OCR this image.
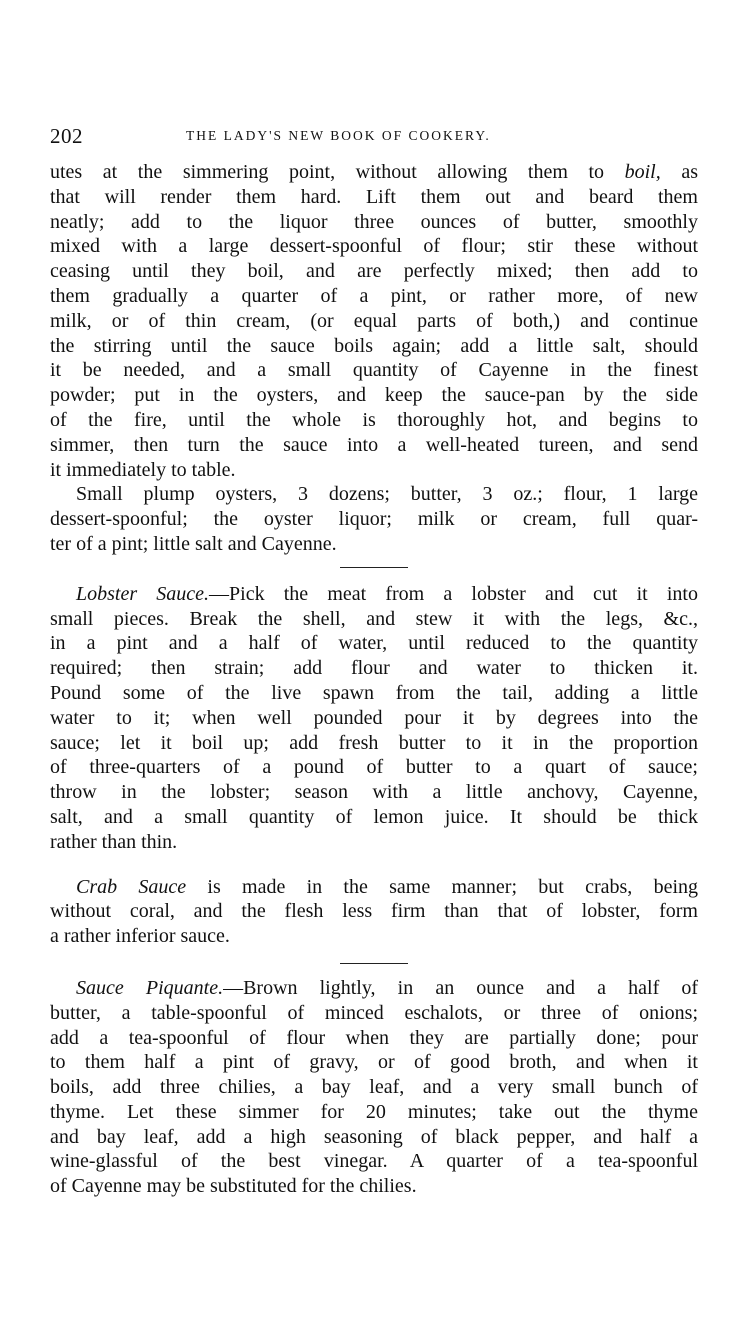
202	THE LADY'S NEW BOOK OF COOKERY.
utes at the simmering point, without allowing them to boil, as
that will render them hard. Lift them out and beard them
neatly; add to the liquor three ounces of butter, smoothly
mixed with a large dessert-spoonful of flour; stir these without
ceasing until they boil, and are perfectly mixed; then add to
them gradually a quarter of a pint, or rather more, of new
milk, or of thin cream, (or equal parts of both,) and continue
the stirring until the sauce boils again; add a little salt, should
it be needed, and a small quantity of Cayenne in the finest
powder; put in the oysters, and keep the sauce-pan by the side
of the fire, until the whole is thoroughly hot, and begins to
simmer, then turn the sauce into a well-heated tureen, and send
it immediately to table.
Small plump oysters, 3 dozens; butter, 3 oz.; flour, 1 large
dessert-spoonful; the oyster liquor; milk or cream, full quar-
ter of a pint; little salt and Cayenne.
Lobster Sauce.—Pick the meat from a lobster and cut it into
small pieces. Break the shell, and stew it with the legs, &c.,
in a pint and a half of water, until reduced to the quantity
required; then strain; add flour and water to thicken it.
Pound some of the live spawn from the tail, adding a little
water to it; when well pounded pour it by degrees into the
sauce; let it boil up; add fresh butter to it in the proportion
of three-quarters of a pound of butter to a quart of sauce;
throw in the lobster; season with a little anchovy, Cayenne,
salt, and a small quantity of lemon juice. It should be thick
rather than thin.
Crab Sauce is made in the same manner; but crabs, being
without coral, and the flesh less firm than that of lobster, form
a rather inferior sauce.
Sauce Piquante.—Brown lightly, in an ounce and a half of
butter, a table-spoonful of minced eschalots, or three of onions;
add a tea-spoonful of flour when they are partially done; pour
to them half a pint of gravy, or of good broth, and when it
boils, add three chilies, a bay leaf, and a very small bunch of
thyme. Let these simmer for 20 minutes; take out the thyme
and bay leaf, add a high seasoning of black pepper, and half a
wine-glassful of the best vinegar. A quarter of a tea-spoonful
of Cayenne may be substituted for the chilies.
